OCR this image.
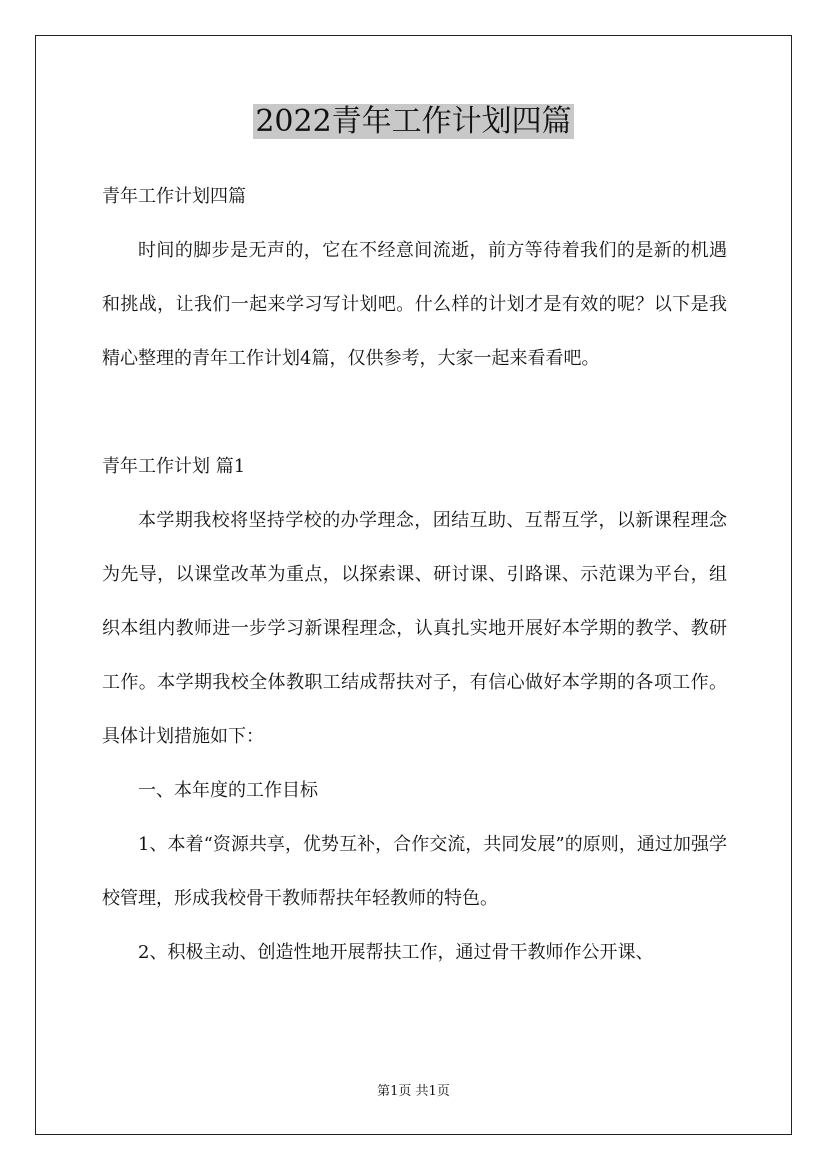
2022青年工作计划四篇

青年工作计划四篇

时间的脚步是无声的，它在不经意间流逝，前方等待着我们的是新的机遇和挑战，让我们一起来学习写计划吧。什么样的计划才是有效的呢？以下是我精心整理的青年工作计划4篇，仅供参考，大家一起来看看吧。

青年工作计划 篇1

本学期我校将坚持学校的办学理念，团结互助、互帮互学，以新课程理念为先导，以课堂改革为重点，以探索课、研讨课、引路课、示范课为平台，组织本组内教师进一步学习新课程理念，认真扎实地开展好本学期的教学、教研工作。本学期我校全体教职工结成帮扶对子，有信心做好本学期的各项工作。具体计划措施如下：

一、本年度的工作目标

1、本着“资源共享，优势互补，合作交流，共同发展”的原则，通过加强学校管理，形成我校骨干教师帮扶年轻教师的特色。

2、积极主动、创造性地开展帮扶工作，通过骨干教师作公开课、

第1页 共1页
